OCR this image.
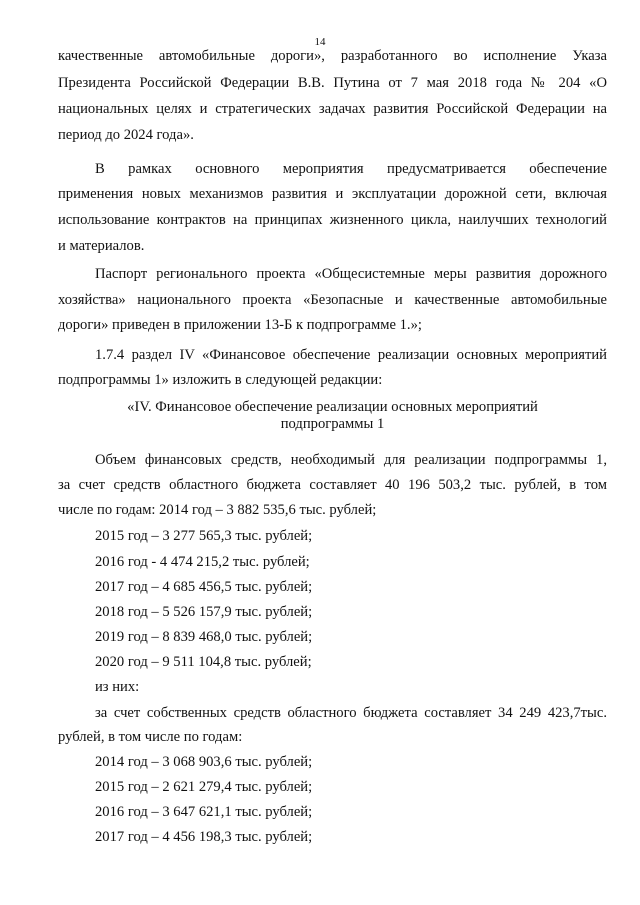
14
качественные автомобильные дороги», разработанного во исполнение Указа
Президента Российской Федерации В.В. Путина от 7 мая 2018 года № 204 «О
национальных целях и стратегических задачах развития Российской Федерации на
период до 2024 года».
В рамках основного мероприятия предусматривается обеспечение
применения новых механизмов развития и эксплуатации дорожной сети, включая
использование контрактов на принципах жизненного цикла, наилучших технологий
и материалов.
Паспорт регионального проекта «Общесистемные меры развития дорожного
хозяйства» национального проекта «Безопасные и качественные автомобильные
дороги» приведен в приложении 13-Б к подпрограмме 1.»;
1.7.4 раздел IV «Финансовое обеспечение реализации основных мероприятий
подпрограммы 1» изложить в следующей редакции:
«IV. Финансовое обеспечение реализации основных мероприятий
подпрограммы 1
Объем финансовых средств, необходимый для реализации подпрограммы 1,
за счет средств областного бюджета составляет 40 196 503,2 тыс. рублей, в том
числе по годам: 2014 год – 3 882 535,6 тыс. рублей;
2015 год – 3 277 565,3 тыс. рублей;
2016 год - 4 474 215,2 тыс. рублей;
2017 год – 4 685 456,5 тыс. рублей;
2018 год – 5 526 157,9 тыс. рублей;
2019 год – 8 839 468,0 тыс. рублей;
2020 год – 9 511 104,8 тыс. рублей;
из них:
за счет собственных средств областного бюджета составляет 34 249 423,7тыс.
рублей, в том числе по годам:
2014 год – 3 068 903,6 тыс. рублей;
2015 год – 2 621 279,4 тыс. рублей;
2016 год – 3 647 621,1 тыс. рублей;
2017 год – 4 456 198,3 тыс. рублей;
